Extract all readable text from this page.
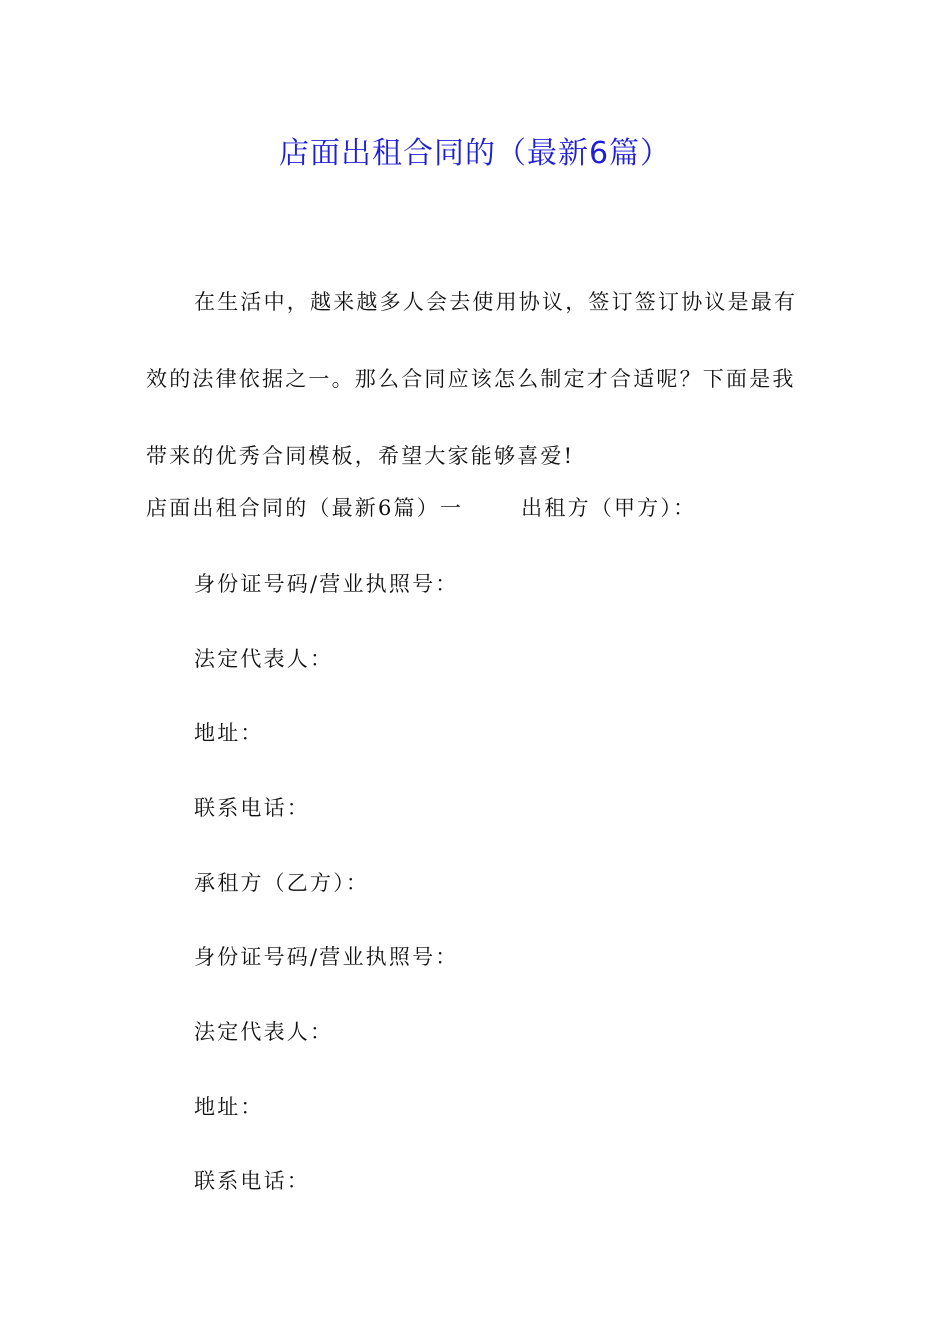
店面出租合同的（最新6篇）

在生活中，越来越多人会去使用协议，签订签订协议是最有效的法律依据之一。那么合同应该怎么制定才合适呢？下面是我带来的优秀合同模板，希望大家能够喜爱!

店面出租合同的（最新6篇）一	出租方（甲方）：

身份证号码/营业执照号：

法定代表人：

地址：

联系电话：

承租方（乙方）：

身份证号码/营业执照号：

法定代表人：

地址：

联系电话：
